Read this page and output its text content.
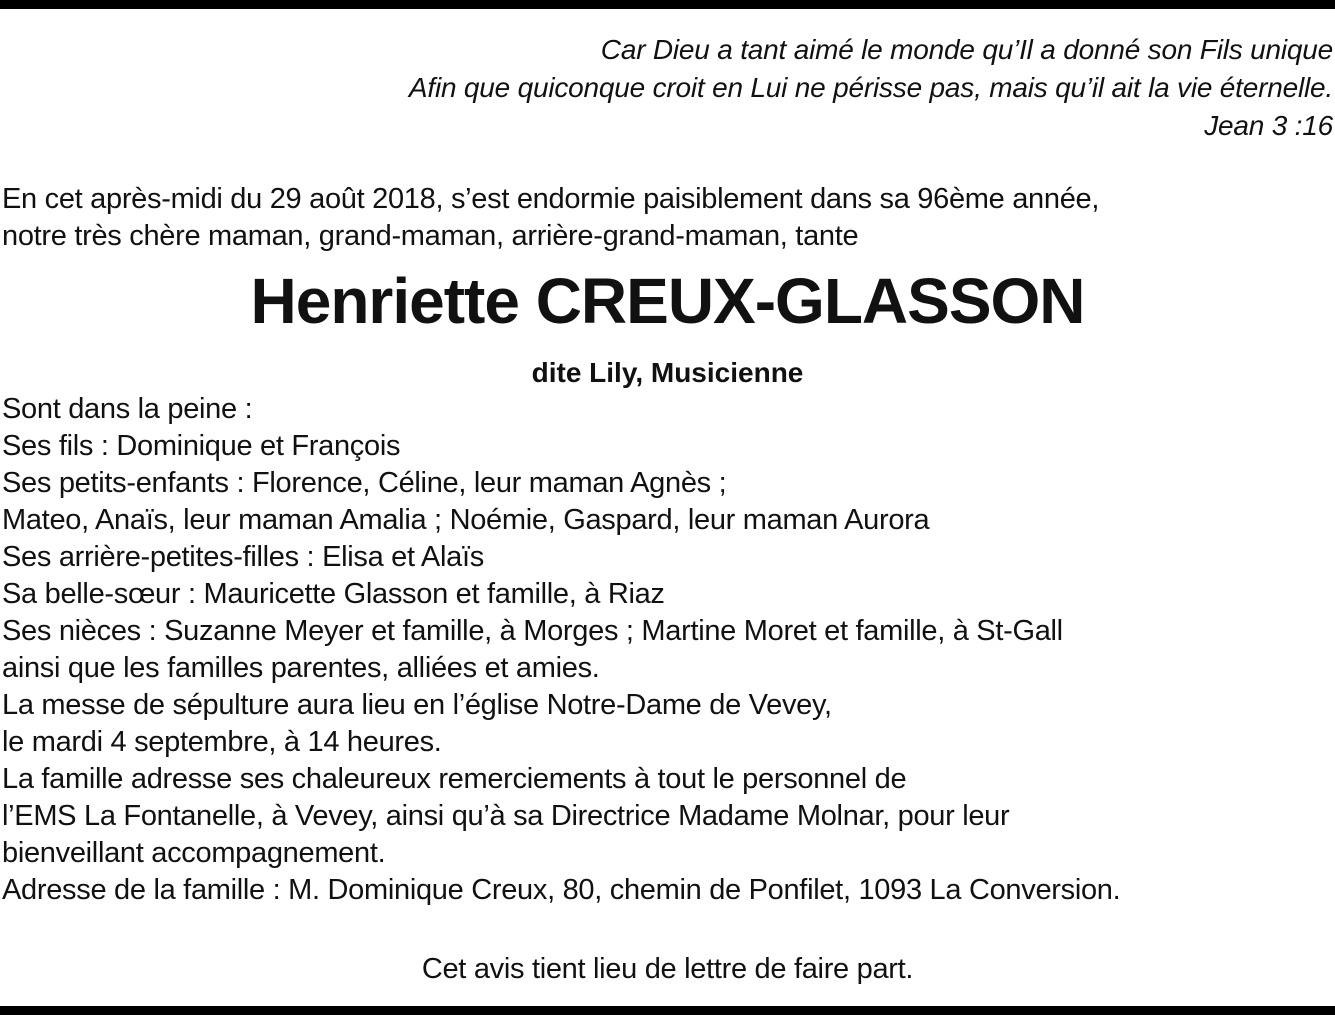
Car Dieu a tant aimé le monde qu’Il a donné son Fils unique
Afin que quiconque croit en Lui ne périsse pas, mais qu’il ait la vie éternelle.
Jean 3 :16
En cet après-midi du 29 août 2018, s’est endormie paisiblement dans sa 96ème année,
notre très chère maman, grand-maman, arrière-grand-maman, tante
Henriette CREUX-GLASSON
dite Lily, Musicienne
Sont dans la peine :
Ses fils : Dominique et François
Ses petits-enfants : Florence, Céline, leur maman Agnès ;
Mateo, Anaïs, leur maman Amalia ; Noémie, Gaspard, leur maman Aurora
Ses arrière-petites-filles : Elisa et Alaïs
Sa belle-sœur : Mauricette Glasson et famille, à Riaz
Ses nièces : Suzanne Meyer et famille, à Morges ; Martine Moret et famille, à St-Gall
ainsi que les familles parentes, alliées et amies.
La messe de sépulture aura lieu en l’église Notre-Dame de Vevey,
le mardi 4 septembre, à 14 heures.
La famille adresse ses chaleureux remerciements à tout le personnel de
l’EMS La Fontanelle, à Vevey, ainsi qu’à sa Directrice Madame Molnar, pour leur
bienveillant accompagnement.
Adresse de la famille : M. Dominique Creux, 80, chemin de Ponfilet, 1093 La Conversion.
Cet avis tient lieu de lettre de faire part.
